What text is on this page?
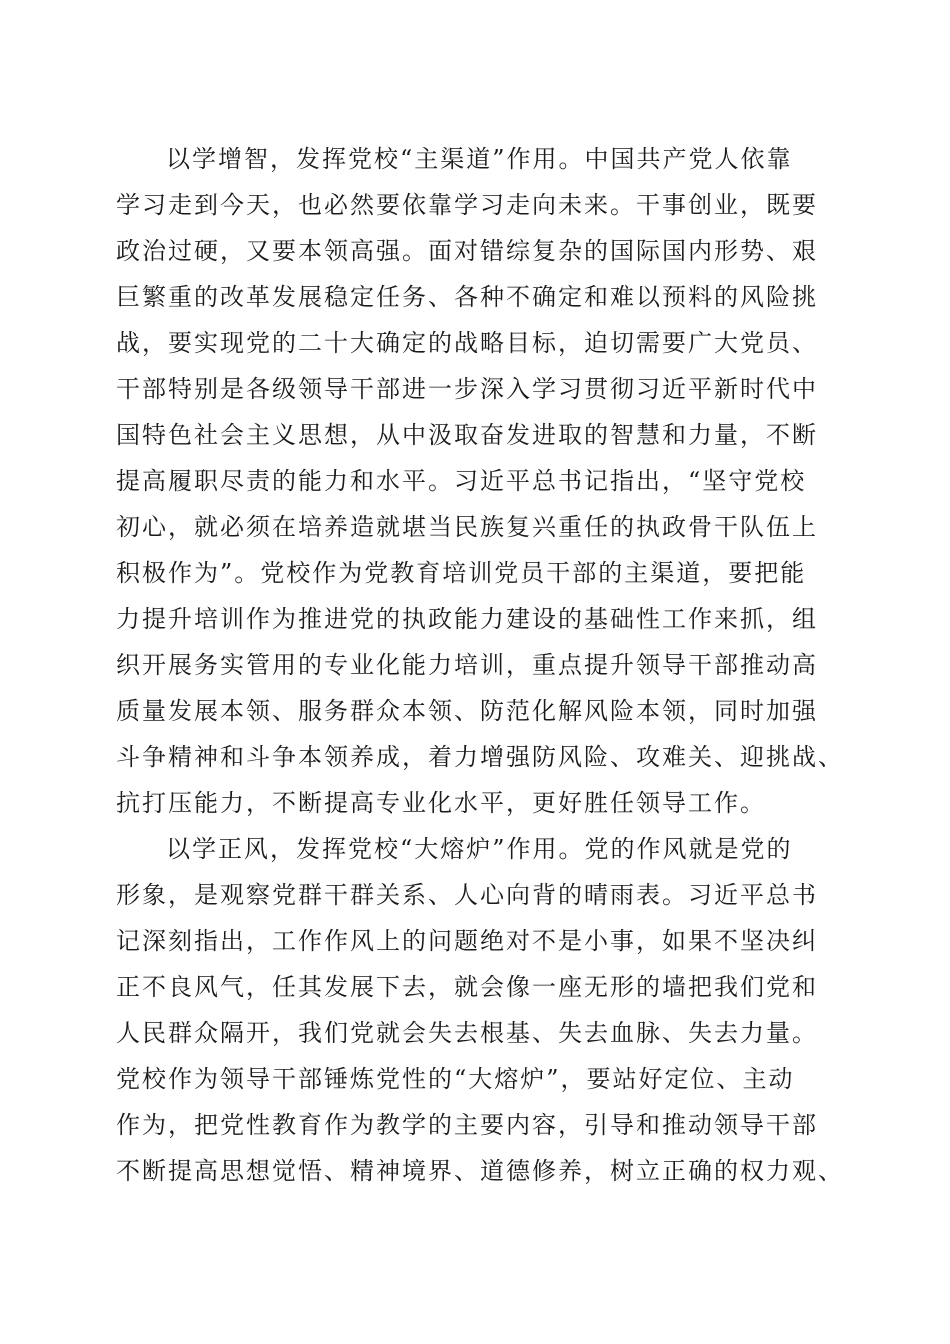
以学增智，发挥党校“主渠道”作用。中国共产党人依靠
学习走到今天，也必然要依靠学习走向未来。干事创业，既要
政治过硬，又要本领高强。面对错综复杂的国际国内形势、艰
巨繁重的改革发展稳定任务、各种不确定和难以预料的风险挑
战，要实现党的二十大确定的战略目标，迫切需要广大党员、
干部特别是各级领导干部进一步深入学习贯彻习近平新时代中
国特色社会主义思想，从中汲取奋发进取的智慧和力量，不断
提高履职尽责的能力和水平。习近平总书记指出，“坚守党校
初心，就必须在培养造就堪当民族复兴重任的执政骨干队伍上
积极作为”。党校作为党教育培训党员干部的主渠道，要把能
力提升培训作为推进党的执政能力建设的基础性工作来抓，组
织开展务实管用的专业化能力培训，重点提升领导干部推动高
质量发展本领、服务群众本领、防范化解风险本领，同时加强
斗争精神和斗争本领养成，着力增强防风险、攻难关、迎挑战、
抗打压能力，不断提高专业化水平，更好胜任领导工作。
以学正风，发挥党校“大熔炉”作用。党的作风就是党的
形象，是观察党群干群关系、人心向背的晴雨表。习近平总书
记深刻指出，工作作风上的问题绝对不是小事，如果不坚决纠
正不良风气，任其发展下去，就会像一座无形的墙把我们党和
人民群众隔开，我们党就会失去根基、失去血脉、失去力量。
党校作为领导干部锤炼党性的“大熔炉”，要站好定位、主动
作为，把党性教育作为教学的主要内容，引导和推动领导干部
不断提高思想觉悟、精神境界、道德修养，树立正确的权力观、
